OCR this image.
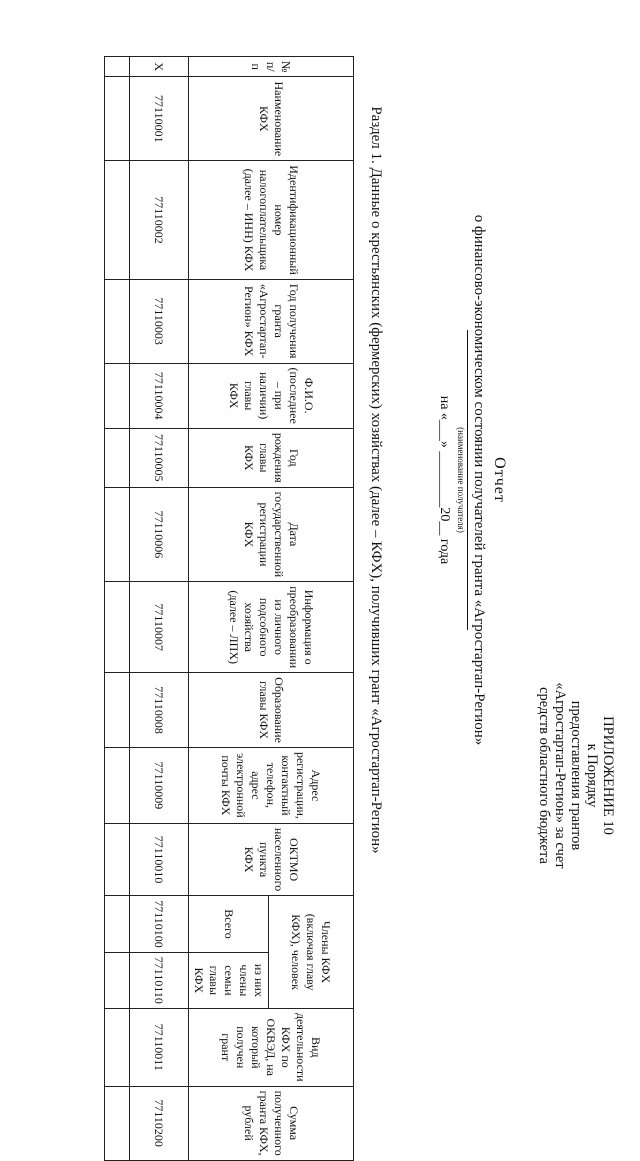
ПРИЛОЖЕНИЕ 10
к Порядку
предоставления грантов
«Агростартап-Регион» за счет
средств областного бюджета
Отчет
о финансово-экономическом состоянии получателей гранта «Агростартап-Регион»
(наименование получателя)
на «___» ________20__ года
Раздел 1. Данные о крестьянских (фермерских) хозяйствах (далее – КФХ), получивших грант «Агростартап-Регион»
№ п/п	Наименование КФХ	Идентификационный номер налогоплательщика (далее – ИНН) КФХ	Год получения гранта «Агростартап-Регион» КФХ	Ф.И.О. (последнее – при наличии) главы КФХ	Год рождения главы КФХ	Дата государственной регистрации КФХ	Информация о преобразовании из личного подсобного хозяйства (далее – ЛПХ)	Образование главы КФХ	Адрес регистрации, контактный телефон, адрес электронной почты КФХ	ОКТМО населенного пункта КФХ	Члены КФХ (включая главу КФХ), человек		Вид деятельности КФХ по ОКВЭД, на который получен грант	Сумма полученного гранта КФХ, рублей
											Всего	из них члены семьи главы КФХ		
Х	77110001	77110002	77110003	77110004	77110005	77110006	77110007	77110008	77110009	77110010	77110100	77110110	77110011	77110200
